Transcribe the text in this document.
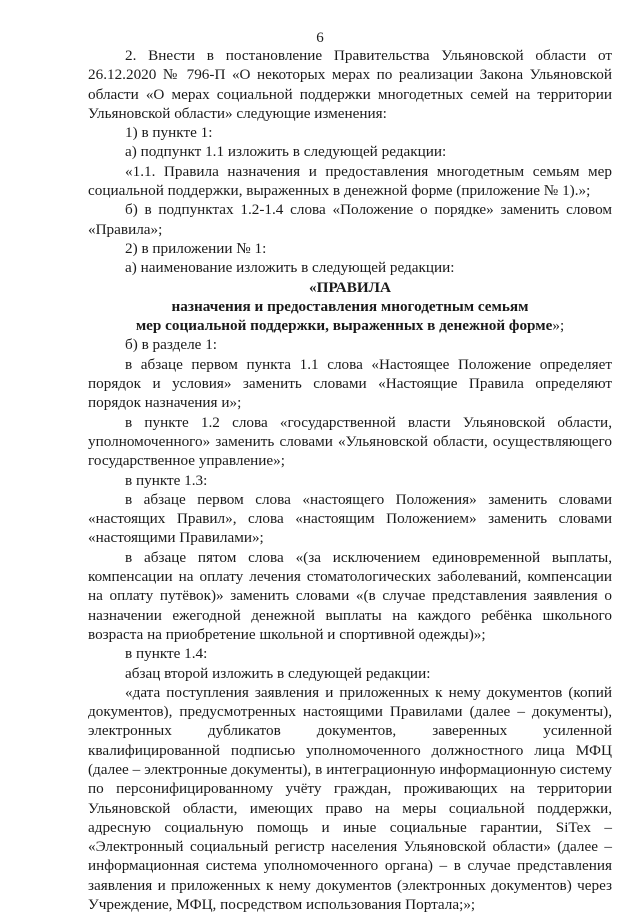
6

2. Внести в постановление Правительства Ульяновской области от 26.12.2020 № 796-П «О некоторых мерах по реализации Закона Ульяновской области «О мерах социальной поддержки многодетных семей на территории Ульяновской области» следующие изменения:

1) в пункте 1:

а) подпункт 1.1 изложить в следующей редакции:

«1.1. Правила назначения и предоставления многодетным семьям мер социальной поддержки, выраженных в денежной форме (приложение № 1).»;

б) в подпунктах 1.2-1.4 слова «Положение о порядке» заменить словом «Правила»;

2) в приложении № 1:

а) наименование изложить в следующей редакции:

«ПРАВИЛА

назначения и предоставления многодетным семьям

мер социальной поддержки, выраженных в денежной форме»;

б) в разделе 1:

в абзаце первом пункта 1.1 слова «Настоящее Положение определяет порядок и условия» заменить словами «Настоящие Правила определяют порядок назначения и»;

в пункте 1.2 слова «государственной власти Ульяновской области, уполномоченного» заменить словами «Ульяновской области, осуществляющего государственное управление»;

в пункте 1.3:

в абзаце первом слова «настоящего Положения» заменить словами «настоящих Правил», слова «настоящим Положением» заменить словами «настоящими Правилами»;

в абзаце пятом слова «(за исключением единовременной выплаты, компенсации на оплату лечения стоматологических заболеваний, компенсации на оплату путёвок)» заменить словами «(в случае представления заявления о назначении ежегодной денежной выплаты на каждого ребёнка школьного возраста на приобретение школьной и спортивной одежды)»;

в пункте 1.4:

абзац второй изложить в следующей редакции:

«дата поступления заявления и приложенных к нему документов (копий документов), предусмотренных настоящими Правилами (далее – документы), электронных дубликатов документов, заверенных усиленной квалифицированной подписью уполномоченного должностного лица МФЦ (далее – электронные документы), в интеграционную информационную систему по персонифицированному учёту граждан, проживающих на территории Ульяновской области, имеющих право на меры социальной поддержки, адресную социальную помощь и иные социальные гарантии, SiTex – «Электронный социальный регистр населения Ульяновской области» (далее – информационная система уполномоченного органа) – в случае представления заявления и приложенных к нему документов (электронных документов) через Учреждение, МФЦ, посредством использования Портала;»;
